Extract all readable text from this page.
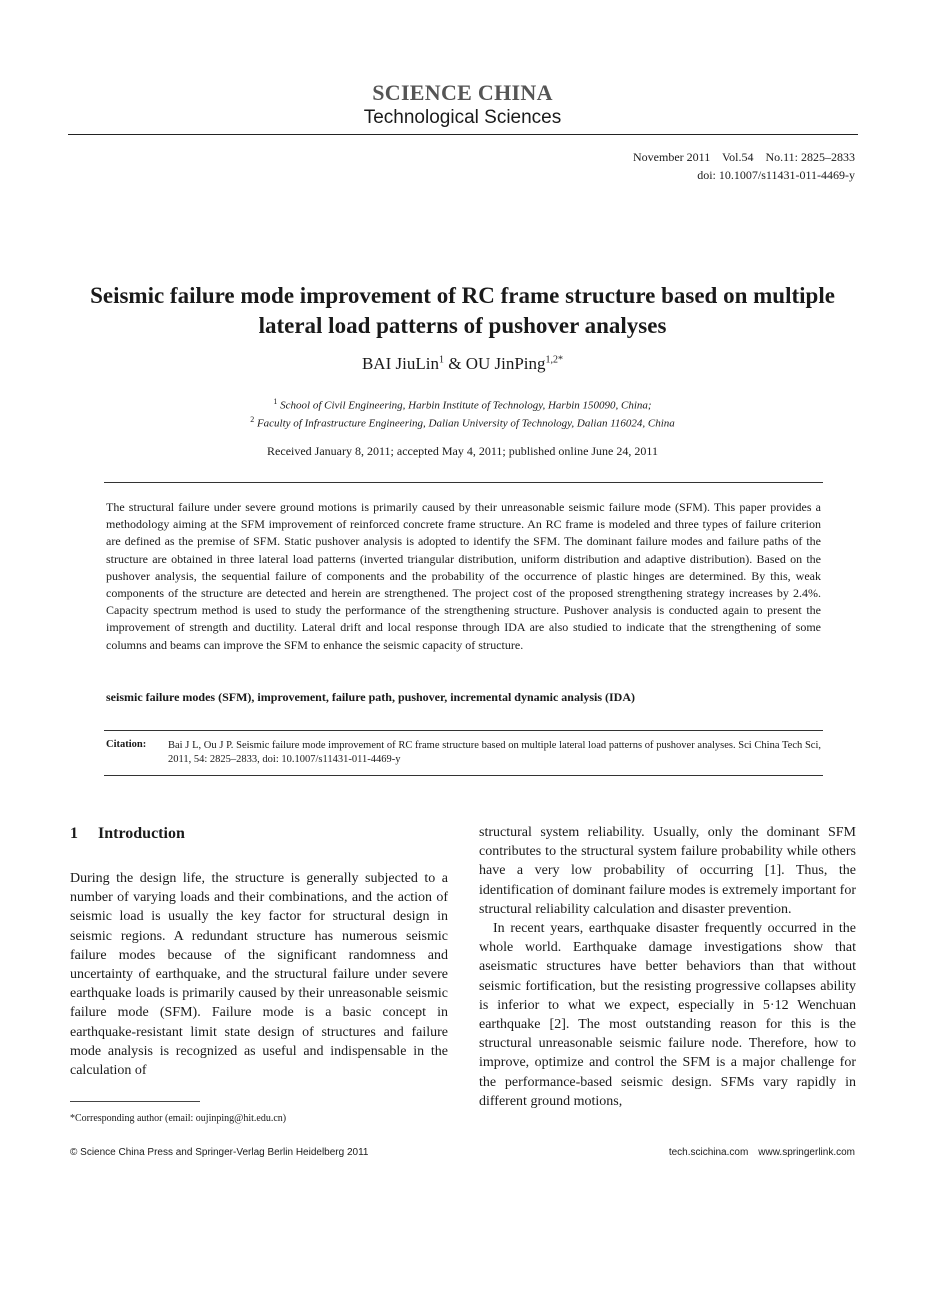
SCIENCE CHINA
Technological Sciences
November 2011    Vol.54    No.11: 2825–2833
doi: 10.1007/s11431-011-4469-y
Seismic failure mode improvement of RC frame structure based on multiple lateral load patterns of pushover analyses
BAI JiuLin$^1$ & OU JinPing$^{1,2*}$
$^1$ School of Civil Engineering, Harbin Institute of Technology, Harbin 150090, China;
$^2$ Faculty of Infrastructure Engineering, Dalian University of Technology, Dalian 116024, China
Received January 8, 2011; accepted May 4, 2011; published online June 24, 2011
The structural failure under severe ground motions is primarily caused by their unreasonable seismic failure mode (SFM). This paper provides a methodology aiming at the SFM improvement of reinforced concrete frame structure. An RC frame is modeled and three types of failure criterion are defined as the premise of SFM. Static pushover analysis is adopted to identify the SFM. The dominant failure modes and failure paths of the structure are obtained in three lateral load patterns (inverted triangular distribution, uniform distribution and adaptive distribution). Based on the pushover analysis, the sequential failure of components and the probability of the occurrence of plastic hinges are determined. By this, weak components of the structure are detected and herein are strengthened. The project cost of the proposed strengthening strategy increases by 2.4%. Capacity spectrum method is used to study the performance of the strengthening structure. Pushover analysis is conducted again to present the improvement of strength and ductility. Lateral drift and local response through IDA are also studied to indicate that the strengthening of some columns and beams can improve the SFM to enhance the seismic capacity of structure.
seismic failure modes (SFM), improvement, failure path, pushover, incremental dynamic analysis (IDA)
Citation: Bai J L, Ou J P. Seismic failure mode improvement of RC frame structure based on multiple lateral load patterns of pushover analyses. Sci China Tech Sci, 2011, 54: 2825–2833, doi: 10.1007/s11431-011-4469-y
1 Introduction

During the design life, the structure is generally subjected to a number of varying loads and their combinations, and the action of seismic load is usually the key factor for structural design in seismic regions. A redundant structure has numerous seismic failure modes because of the significant randomness and uncertainty of earthquake, and the structural failure under severe earthquake loads is primarily caused by their unreasonable seismic failure mode (SFM). Failure mode is a basic concept in earthquake-resistant limit state design of structures and failure mode analysis is recognized as useful and indispensable in the calculation of

structural system reliability. Usually, only the dominant SFM contributes to the structural system failure probability while others have a very low probability of occurring [1]. Thus, the identification of dominant failure modes is extremely important for structural reliability calculation and disaster prevention.

In recent years, earthquake disaster frequently occurred in the whole world. Earthquake damage investigations show that aseismatic structures have better behaviors than that without seismic fortification, but the resisting progressive collapses ability is inferior to what we expect, especially in 5·12 Wenchuan earthquake [2]. The most outstanding reason for this is the structural unreasonable seismic failure node. Therefore, how to improve, optimize and control the SFM is a major challenge for the performance-based seismic design. SFMs vary rapidly in different ground motions,

*Corresponding author (email: oujinping@hit.edu.cn)
© Science China Press and Springer-Verlag Berlin Heidelberg 2011	tech.scichina.com www.springerlink.com
